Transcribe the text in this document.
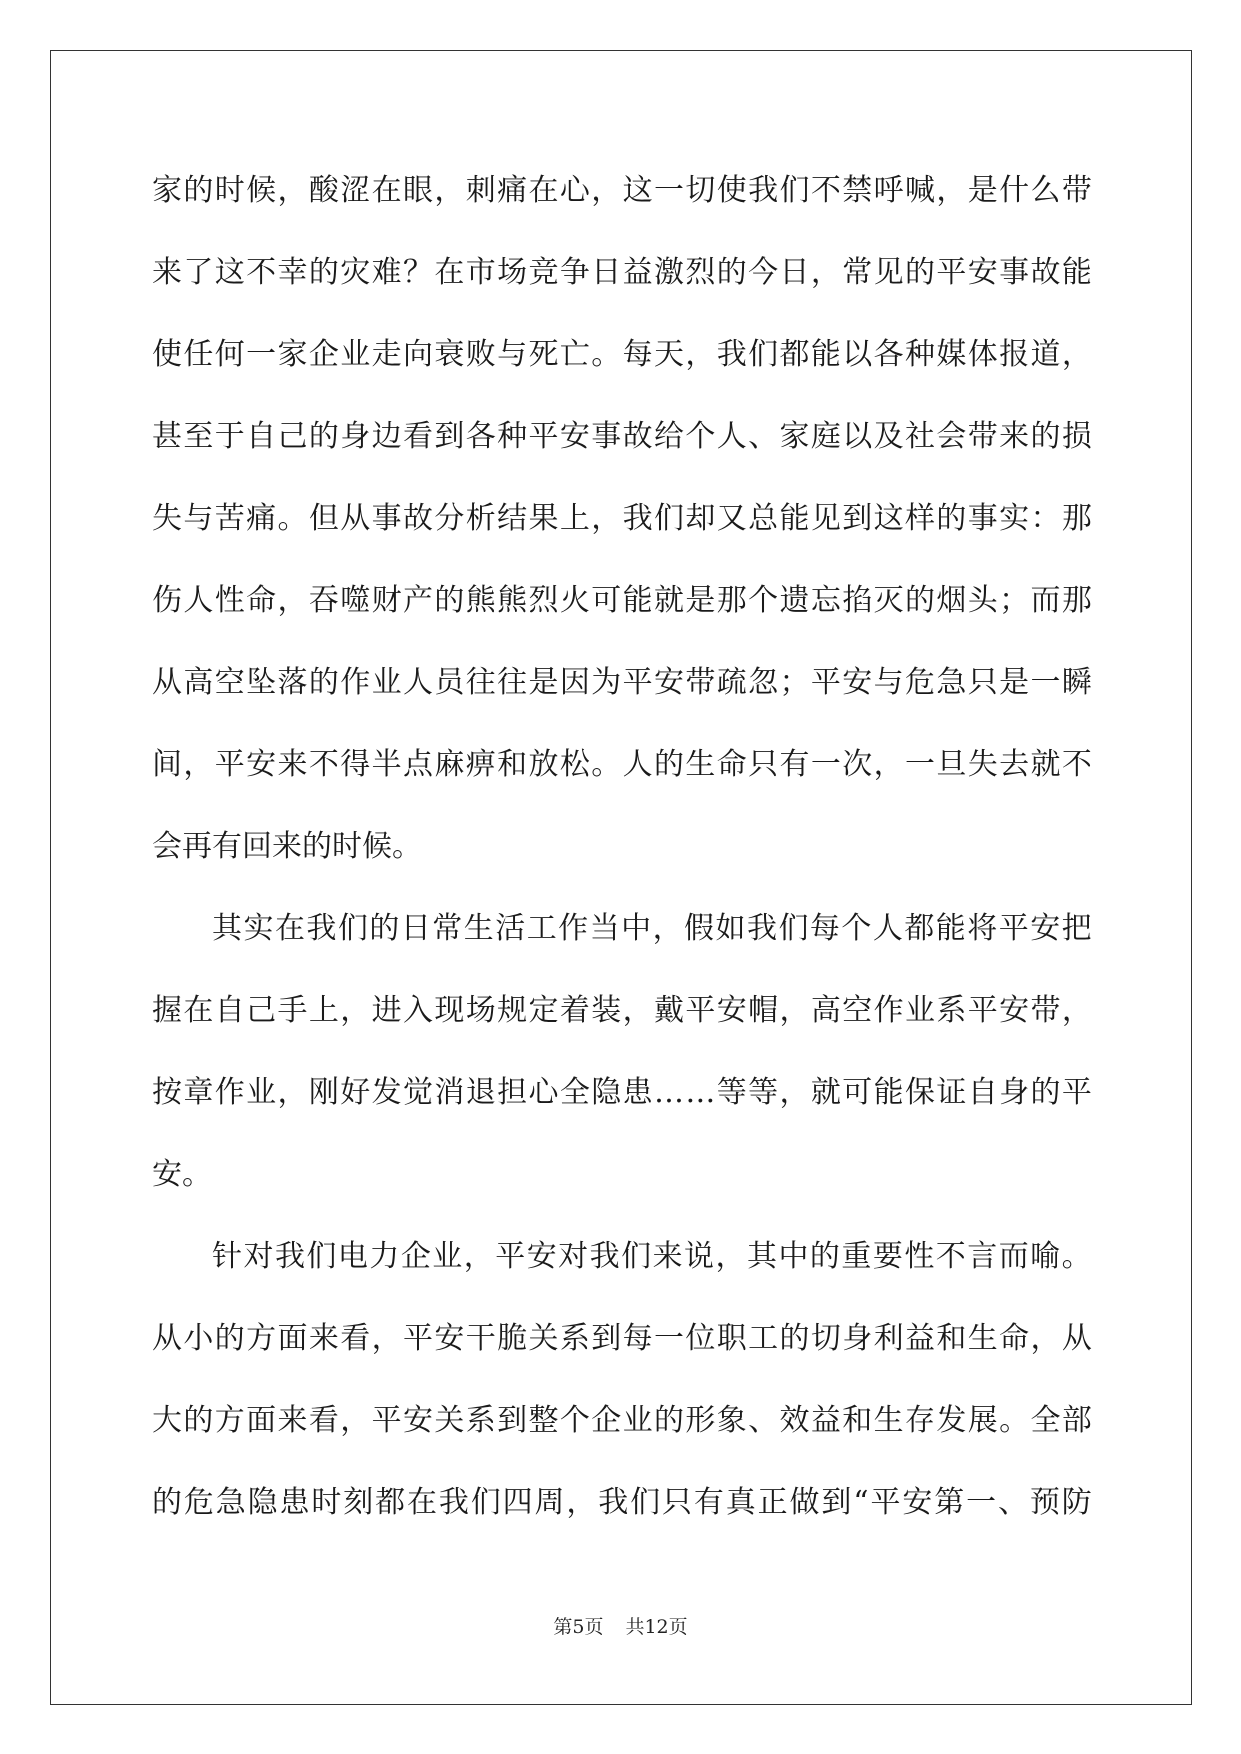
家 的 时 候 ， 酸 涩 在 眼 ， 刺 痛 在 心 ， 这 一 切 使 我 们 不 禁 呼 喊 ， 是 什 么 带
来 了 这 不 幸 的 灾 难 ？ 在 市 场 竞 争 日 益 激 烈 的 今 日 ， 常 见 的 平 安 事 故 能
使 任 何 一 家 企 业 走 向 衰 败 与 死 亡 。 每 天 ， 我 们 都 能 以 各 种 媒 体 报 道 ，
甚 至 于 自 己 的 身 边 看 到 各 种 平 安 事 故 给 个 人 、 家 庭 以 及 社 会 带 来 的 损
失 与 苦 痛 。 但 从 事 故 分 析 结 果 上 ， 我 们 却 又 总 能 见 到 这 样 的 事 实 ： 那
伤 人 性 命 ， 吞 噬 财 产 的 熊 熊 烈 火 可 能 就 是 那 个 遗 忘 掐 灭 的 烟 头 ； 而 那
从 高 空 坠 落 的 作 业 人 员 往 往 是 因 为 平 安 带 疏 忽 ； 平 安 与 危 急 只 是 一 瞬
间 ， 平 安 来 不 得 半 点 麻 痹 和 放 松 。 人 的 生 命 只 有 一 次 ， 一 旦 失 去 就 不
会再有回来的时候。
其 实 在 我 们 的 日 常 生 活 工 作 当 中 ， 假 如 我 们 每 个 人 都 能 将 平 安 把
握 在 自 己 手 上 ， 进 入 现 场 规 定 着 装 ， 戴 平 安 帽 ， 高 空 作 业 系 平 安 带 ，
按 章 作 业 ， 刚 好 发 觉 消 退 担 心 全 隐 患 … … 等 等 ， 就 可 能 保 证 自 身 的 平
安。
针 对 我 们 电 力 企 业 ， 平 安 对 我 们 来 说 ， 其 中 的 重 要 性 不 言 而 喻 。
从 小 的 方 面 来 看 ， 平 安 干 脆 关 系 到 每 一 位 职 工 的 切 身 利 益 和 生 命 ， 从
大 的 方 面 来 看 ， 平 安 关 系 到 整 个 企 业 的 形 象 、 效 益 和 生 存 发 展 。 全 部
的 危 急 隐 患 时 刻 都 在 我 们 四 周 ， 我 们 只 有 真 正 做 到 “ 平 安 第 一 、 预 防
第5页 共12页
